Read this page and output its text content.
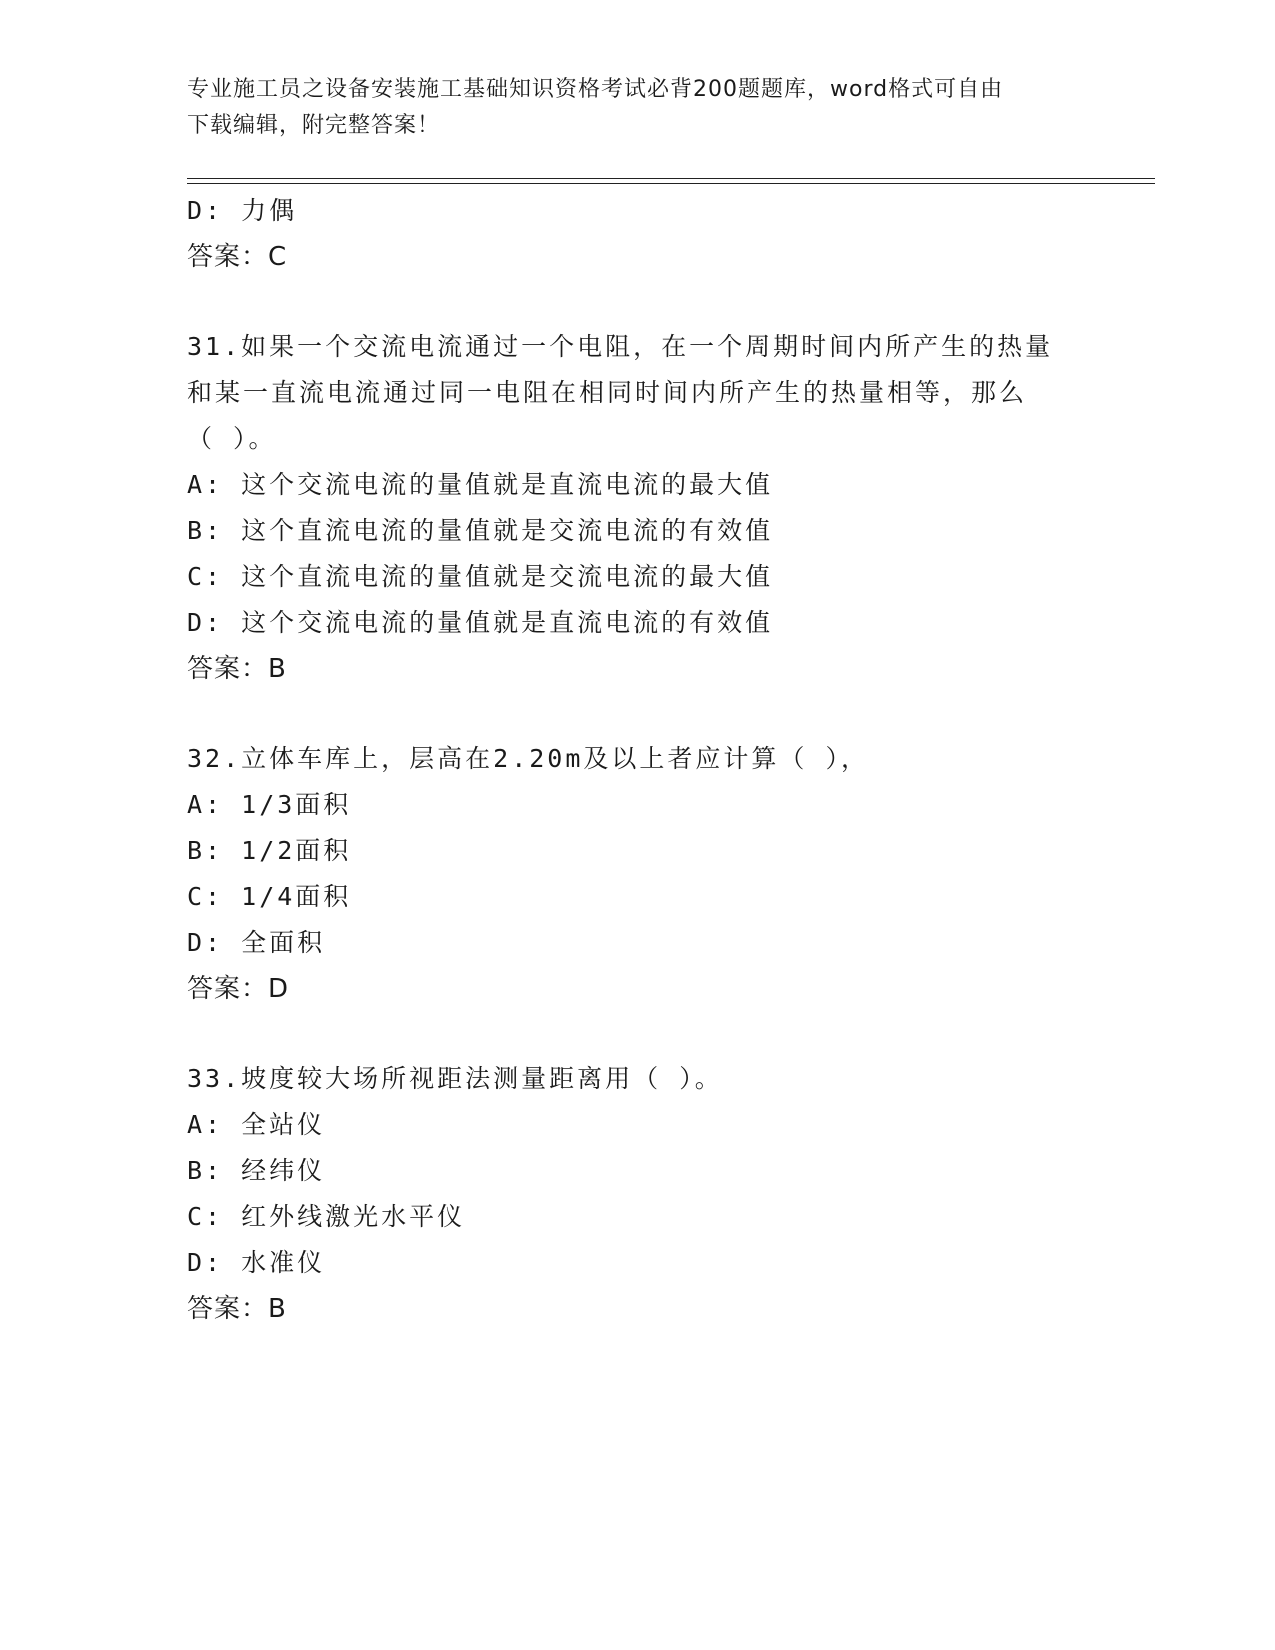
专业施工员之设备安装施工基础知识资格考试必背200题题库，word格式可自由
下载编辑，附完整答案！
D: 力偶
答案：C
31.如果一个交流电流通过一个电阻，在一个周期时间内所产生的热量
和某一直流电流通过同一电阻在相同时间内所产生的热量相等，那么
（ ）。
A: 这个交流电流的量值就是直流电流的最大值
B: 这个直流电流的量值就是交流电流的有效值
C: 这个直流电流的量值就是交流电流的最大值
D: 这个交流电流的量值就是直流电流的有效值
答案：B
32.立体车库上，层高在2.20m及以上者应计算（ ），
A: 1/3面积
B: 1/2面积
C: 1/4面积
D: 全面积
答案：D
33.坡度较大场所视距法测量距离用（ ）。
A: 全站仪
B: 经纬仪
C: 红外线激光水平仪
D: 水准仪
答案：B
